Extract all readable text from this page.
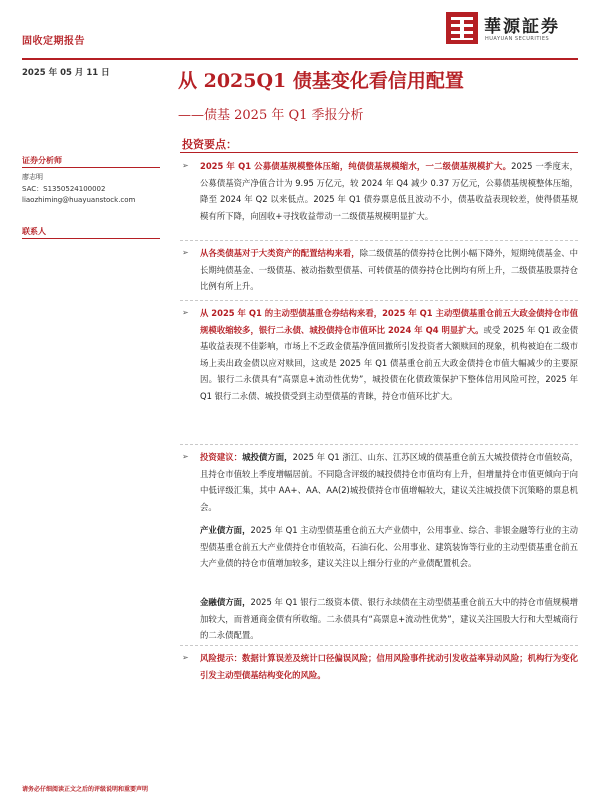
固收定期报告
華源証券
HUAYUAN SECURITIES
2025 年 05 月 11 日	从 2025Q1 债基变化看信用配置
——债基 2025 年 Q1 季报分析
投资要点：
证券分析师
廖志明
SAC：S1350524100002
liaozhiming@huayuanstock.com
联系人
➢ 2025 年 Q1 公募债基规模整体压缩，纯债债基规模缩水，一二级债基规模扩大。2025 一季度末，公募债基资产净值合计为 9.95 万亿元，较 2024 年 Q4 减少 0.37 万亿元，公募债基规模整体压缩，降至 2024 年 Q2 以来低点。2025 年 Q1 债券票息低且波动不小，债基收益表现较差，使得债基规模有所下降，向固收+寻找收益带动一二级债基规模明显扩大。
➢ 从各类债基对于大类资产的配置结构来看，除二级债基的债券持仓比例小幅下降外，短期纯债基金、中长期纯债基金、一级债基、被动指数型债基、可转债基的债券持仓比例均有所上升，二级债基股票持仓比例有所上升。
➢ 从 2025 年 Q1 的主动型债基重仓券结构来看，2025 年 Q1 主动型债基重仓前五大政金债持仓市值规模收缩较多，银行二永债、城投债持仓市值环比 2024 年 Q4 明显扩大。或受 2025 年 Q1 政金债基收益表现不佳影响，市场上不乏政金债基净值回撤所引发投资者大额赎回的现象，机构被迫在二级市场上卖出政金债以应对赎回，这或是 2025 年 Q1 债基重仓前五大政金债持仓市值大幅减少的主要原因。银行二永债具有“高票息+流动性优势”，城投债在化债政策保护下整体信用风险可控，2025 年 Q1 银行二永债、城投债受到主动型债基的青睐，持仓市值环比扩大。
➢ 投资建议：城投债方面，2025 年 Q1 浙江、山东、江苏区域的债基重仓前五大城投债持仓市值较高，且持仓市值较上季度增幅居前。不同隐含评级的城投债持仓市值均有上升，但增量持仓市值更倾向于向中低评级汇集，其中 AA+、AA、AA(2)城投债持仓市值增幅较大，建议关注城投债下沉策略的票息机会。
产业债方面，2025 年 Q1 主动型债基重仓前五大产业债中，公用事业、综合、非银金融等行业的主动型债基重仓前五大产业债持仓市值较高，石油石化、公用事业、建筑装饰等行业的主动型债基重仓前五大产业债的持仓市值增加较多，建议关注以上细分行业的产业债配置机会。
金融债方面，2025 年 Q1 银行二级资本债、银行永续债在主动型债基重仓前五大中的持仓市值规模增加较大，而普通商金债有所收缩。二永债具有“高票息+流动性优势”，建议关注国股大行和大型城商行的二永债配置。
➢ 风险提示：数据计算误差及统计口径偏误风险；信用风险事件扰动引发收益率异动风险；机构行为变化引发主动型债基结构变化的风险。
请务必仔细阅读正文之后的评级说明和重要声明
